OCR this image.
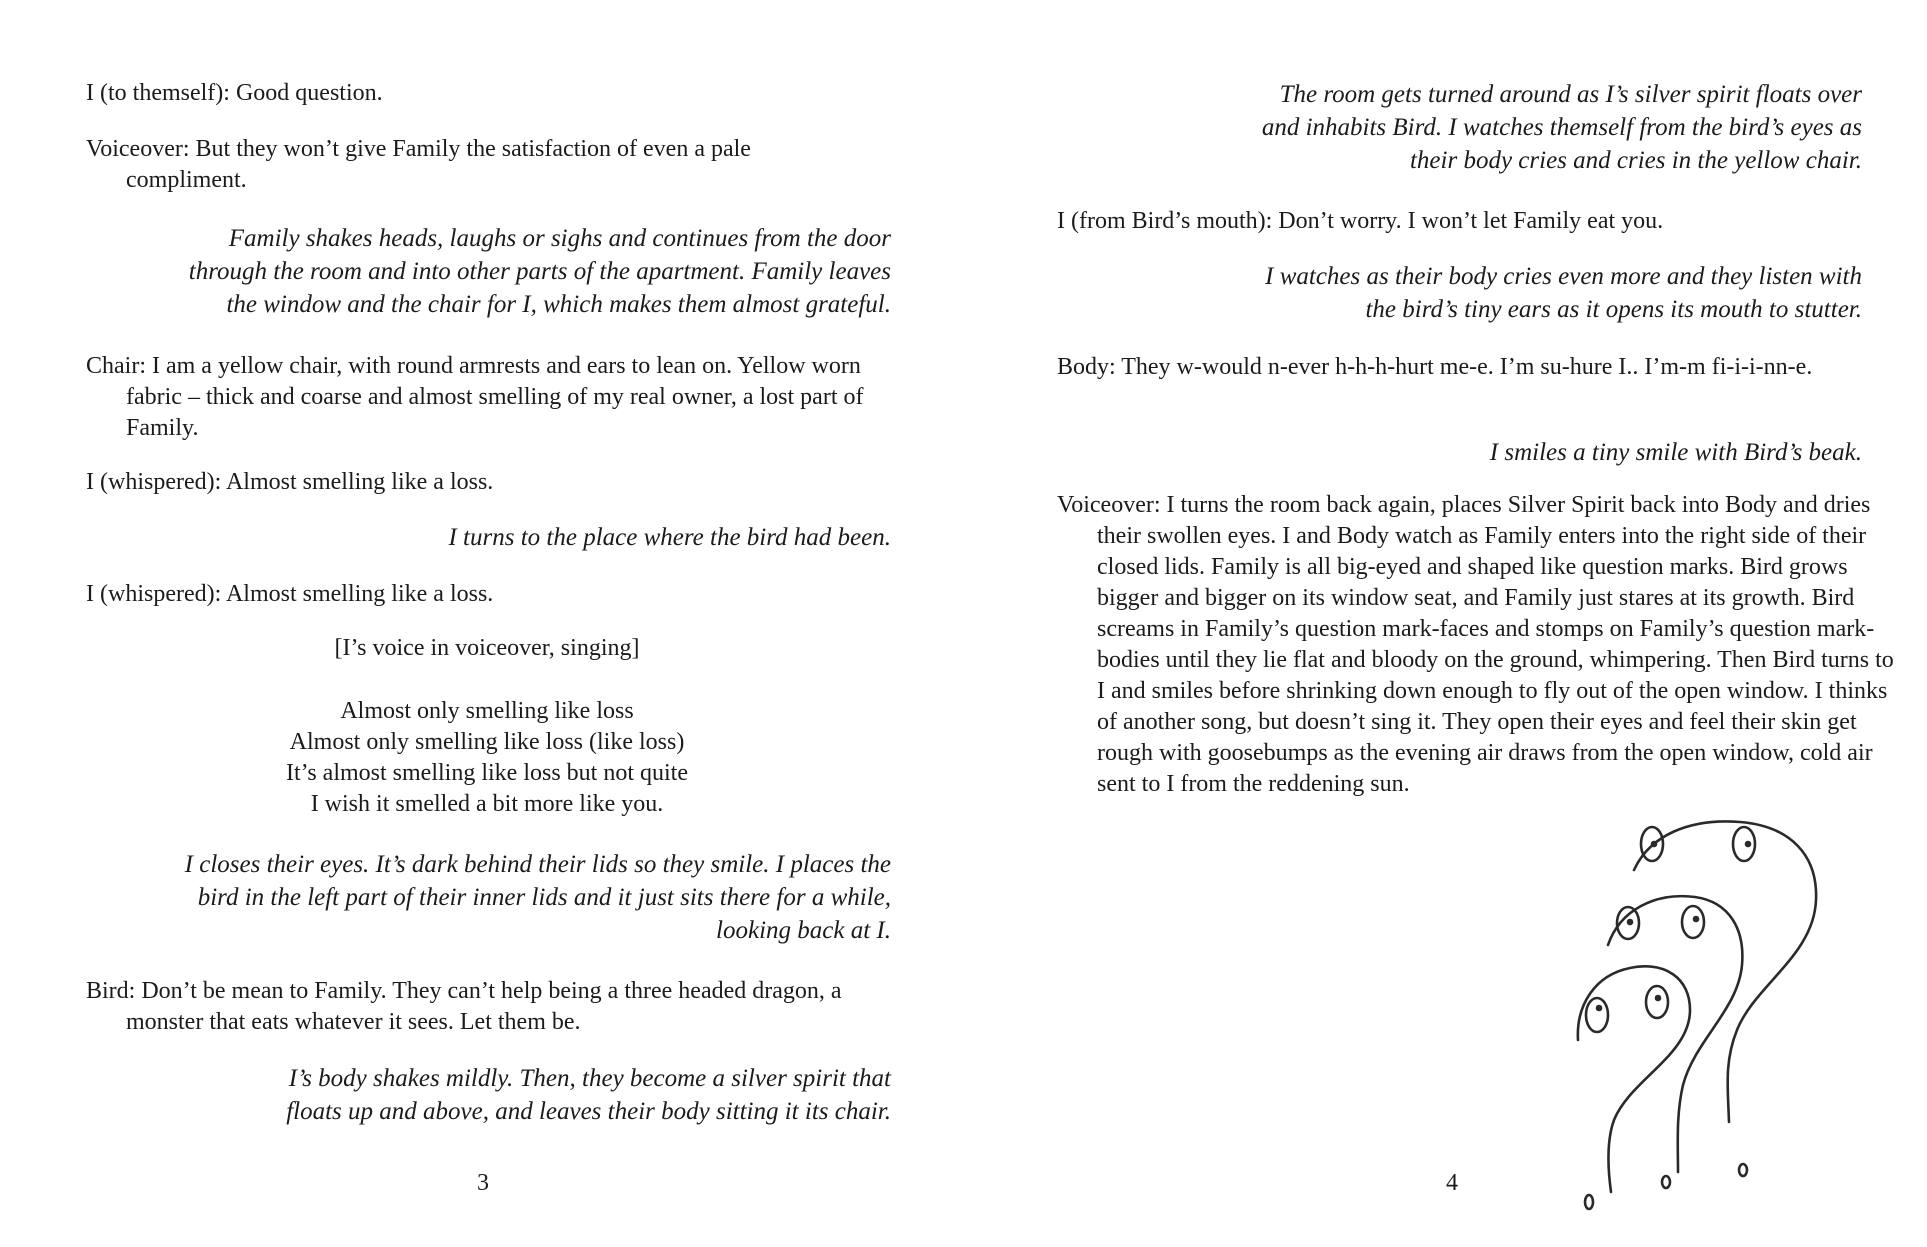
I (to themself): Good question.
Voiceover: But they won’t give Family the satisfaction of even a pale compliment.
Family shakes heads, laughs or sighs and continues from the door
through the room and into other parts of the apartment. Family leaves
the window and the chair for I, which makes them almost grateful.
Chair: I am a yellow chair, with round armrests and ears to lean on. Yellow worn fabric – thick and coarse and almost smelling of my real owner, a lost part of Family.
I (whispered): Almost smelling like a loss.
I turns to the place where the bird had been.
I (whispered): Almost smelling like a loss.
[I’s voice in voiceover, singing]
Almost only smelling like loss
Almost only smelling like loss (like loss)
It’s almost smelling like loss but not quite
I wish it smelled a bit more like you.
I closes their eyes. It’s dark behind their lids so they smile. I places the
bird in the left part of their inner lids and it just sits there for a while,
looking back at I.
Bird: Don’t be mean to Family. They can’t help being a three headed dragon, a monster that eats whatever it sees. Let them be.
I’s body shakes mildly. Then, they become a silver spirit that
floats up and above, and leaves their body sitting it its chair.
3
The room gets turned around as I’s silver spirit floats over
and inhabits Bird. I watches themself from the bird’s eyes as
their body cries and cries in the yellow chair.
I (from Bird’s mouth): Don’t worry. I won’t let Family eat you.
I watches as their body cries even more and they listen with
the bird’s tiny ears as it opens its mouth to stutter.
Body: They w-would n-ever h-h-h-hurt me-e. I’m su-hure I.. I’m-m fi-i-i-nn-e.
I smiles a tiny smile with Bird’s beak.
Voiceover: I turns the room back again, places Silver Spirit back into Body and dries their swollen eyes. I and Body watch as Family enters into the right side of their closed lids. Family is all big-eyed and shaped like question marks. Bird grows bigger and bigger on its window seat, and Family just stares at its growth. Bird screams in Family’s question mark-faces and stomps on Family’s question mark-bodies until they lie flat and bloody on the ground, whimpering. Then Bird turns to I and smiles before shrinking down enough to fly out of the open window. I thinks of another song, but doesn’t sing it. They open their eyes and feel their skin get rough with goosebumps as the evening air draws from the open window, cold air sent to I from the reddening sun.
4
